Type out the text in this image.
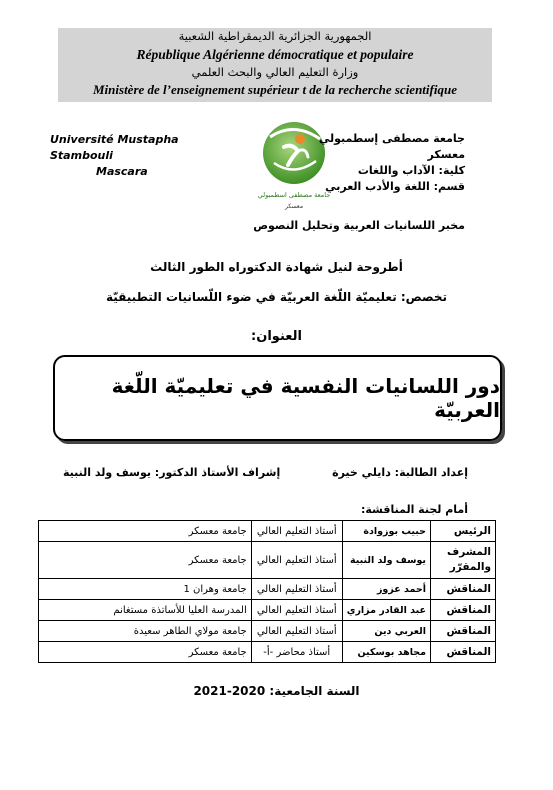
الجمهورية الجزائرية الديمقراطية الشعبية
République Algérienne démocratique et populaire
وزارة التعليم العالي والبحث العلمي
Ministère de l’enseignement supérieur t de la recherche scientifique
Université Mustapha Stambouli
Mascara
جامعة مصطفى اسطمبولي
معسكر
جامعة مصطفى إسطمبولي
معسكر
كلية: الآداب واللغات
قسم: اللغة والأدب العربي
مخبر اللسانيات العربية وتحليل النصوص
أطروحة لنيل شهادة الدكتوراه الطور الثالث
تخصص: تعليميّة اللّغة العربيّة في ضوء اللّسانيات التطبيقيّة
العنوان:
دور اللسانيات النفسية في تعليميّة اللّغة العربيّة
إعداد الطالبة: دايلي خيرة
إشراف الأستاذ الدكتور: يوسف ولد النبية
أمام لجنة المناقشة:
الرئيس	حبيب بوزوادة	أستاذ التعليم العالي	جامعة معسكر
المشرف والمقرّر	يوسف ولد النبية	أستاذ التعليم العالي	جامعة معسكر
المناقش	أحمد عزوز	أستاذ التعليم العالي	جامعة وهران 1
المناقش	عبد القادر مزاري	أستاذ التعليم العالي	المدرسة العليا للأساتذة مستغانم
المناقش	العربي دين	أستاذ التعليم العالي	جامعة مولاي الطاهر سعيدة
المناقش	مجاهد بوسكين	أستاذ محاضر -أ-	جامعة معسكر
السنة الجامعية: 2020-2021
